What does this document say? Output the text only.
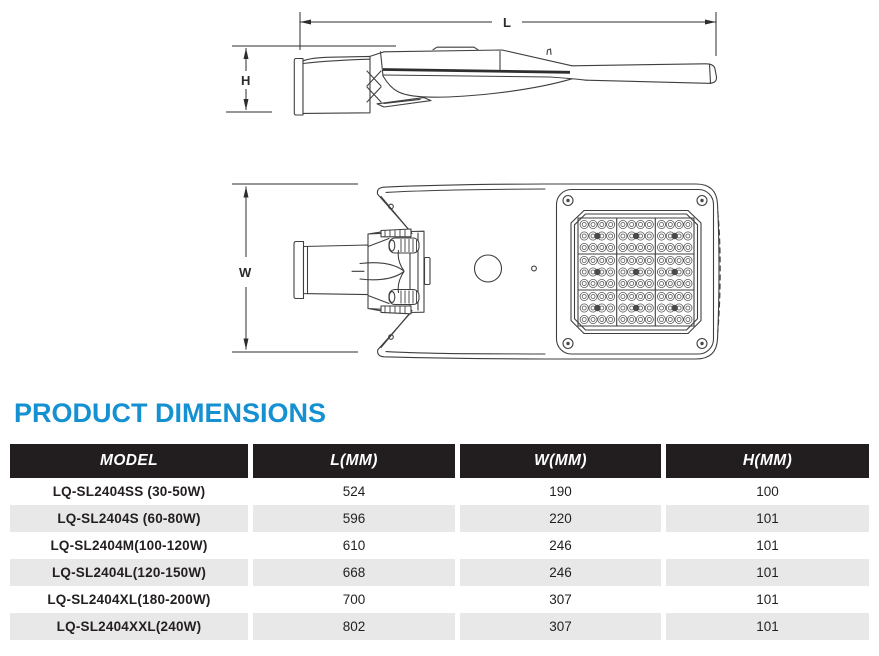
L
H
W
PRODUCT DIMENSIONS
MODEL	L(MM)	W(MM)	H(MM)
LQ-SL2404SS (30-50W)	524	190	100
LQ-SL2404S (60-80W)	596	220	101
LQ-SL2404M(100-120W)	610	246	101
LQ-SL2404L(120-150W)	668	246	101
LQ-SL2404XL(180-200W)	700	307	101
LQ-SL2404XXL(240W)	802	307	101
